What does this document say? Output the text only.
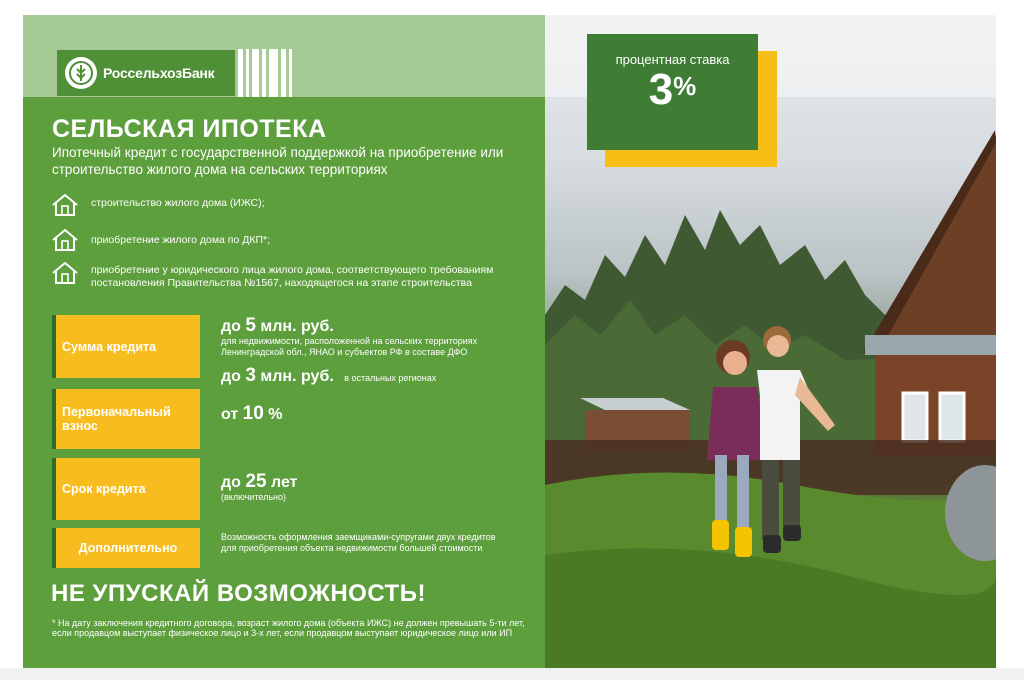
РоссельхозБанк
СЕЛЬСКАЯ ИПОТЕКА
Ипотечный кредит с государственной поддержкой на приобретение или строительство жилого дома на сельских территориях
строительство жилого дома (ИЖС);
приобретение жилого дома по ДКП*;
приобретение у юридического лица жилого дома, соответствующего требованиям постановления Правительства №1567, находящегося на этапе строительства
Сумма кредита
до 5 млн. руб.
для недвижимости, расположенной на сельских территориях Ленинградской обл., ЯНАО и субъектов РФ в составе ДФО
до 3 млн. руб. в остальных регионах
Первоначальный взнос
от 10 %
Срок кредита	до 25 лет
(включительно)
Дополнительно
Возможность оформления заемщиками-супругами двух кредитов для приобретения объекта недвижимости большей стоимости
НЕ УПУСКАЙ ВОЗМОЖНОСТЬ!
* На дату заключения кредитного договора, возраст жилого дома (объекта ИЖС) не должен превышать 5-ти лет, если продавцом выступает физическое лицо и 3-х лет, если продавцом выступает юридическое лицо или ИП
процентная ставка
3%
